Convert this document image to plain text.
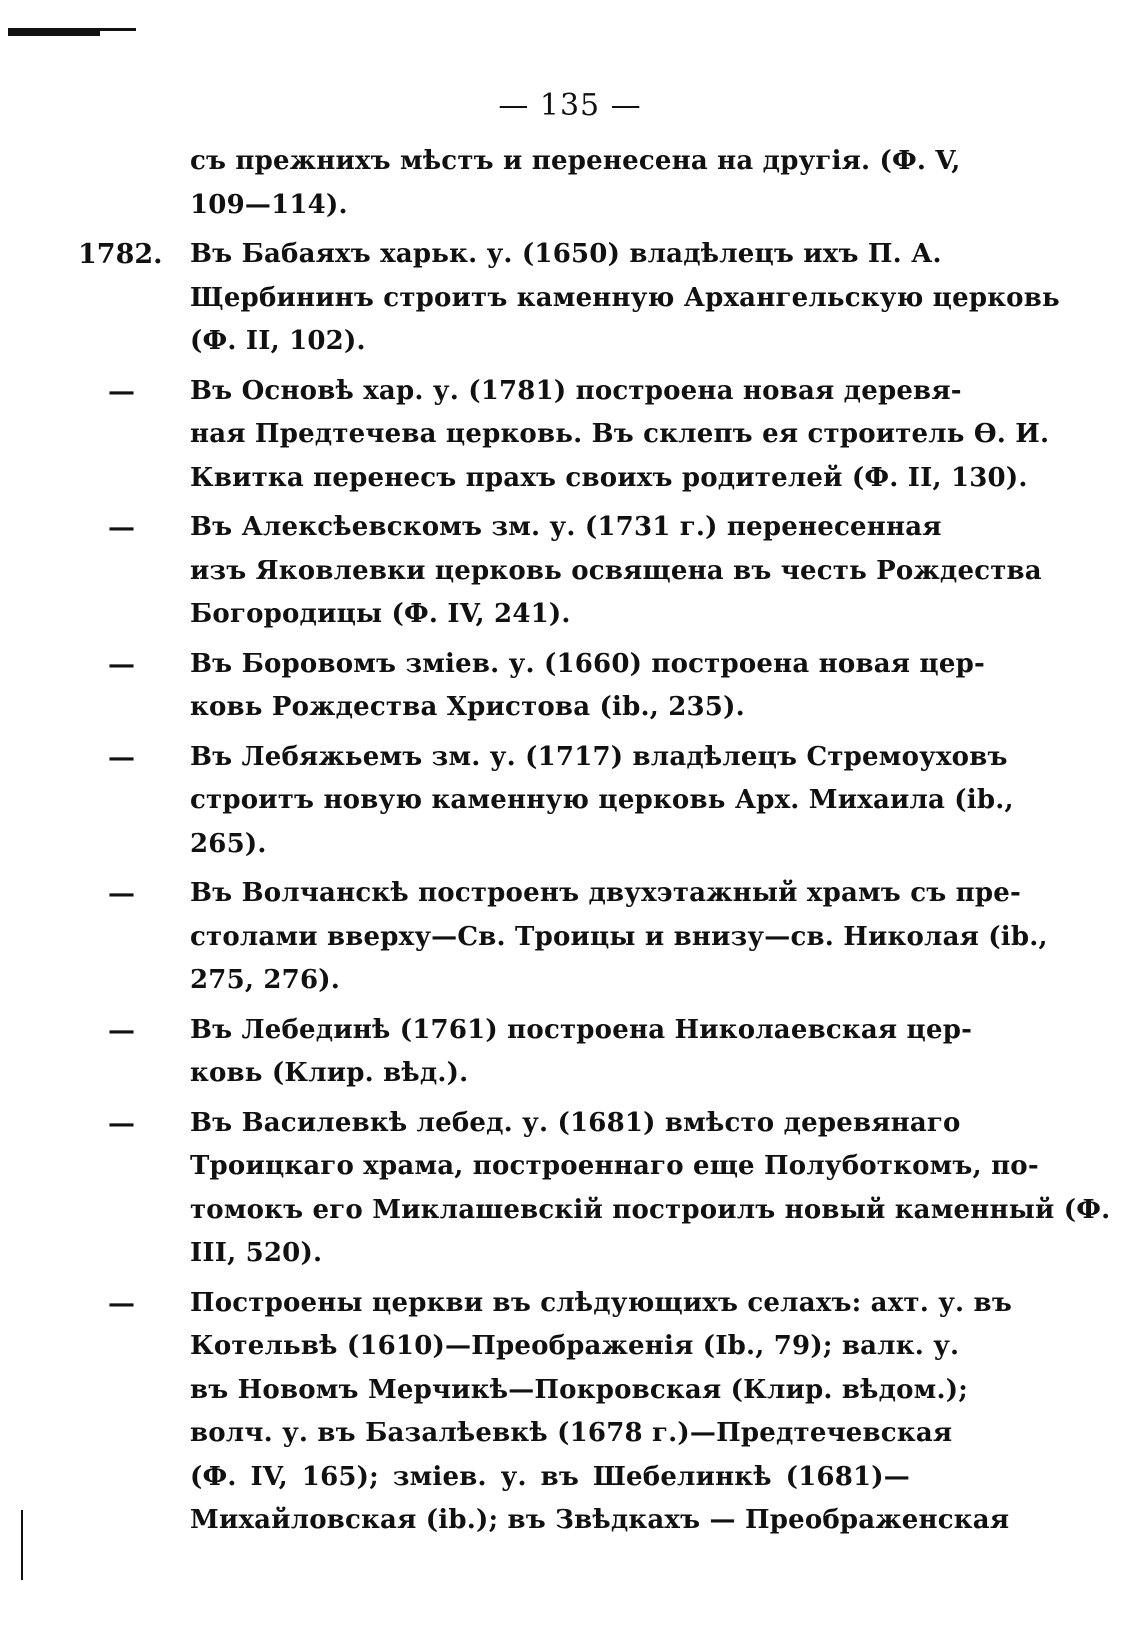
— 135 —
съ прежнихъ мѣстъ и перенесена на другія. (Ф. V,
109—114).
1782.	Въ Бабаяхъ харьк. у. (1650) владѣлецъ ихъ П. А.
Щербининъ строитъ каменную Архангельскую церковь
(Ф. II, 102).
—	Въ Основѣ хар. у. (1781) построена новая деревя-
ная Предтечева церковь. Въ склепъ ея строитель Ө. И.
Квитка перенесъ прахъ своихъ родителей (Ф. II, 130).
—	Въ Алексѣевскомъ зм. у. (1731 г.) перенесенная
изъ Яковлевки церковь освящена въ честь Рождества
Богородицы (Ф. IV, 241).
—	Въ Боровомъ зміев. у. (1660) построена новая цер-
ковь Рождества Христова (ib., 235).
—	Въ Лебяжьемъ зм. у. (1717) владѣлецъ Стремоуховъ
строитъ новую каменную церковь Арх. Михаила (ib.,
265).
—	Въ Волчанскѣ построенъ двухэтажный храмъ съ пре-
столами вверху—Св. Троицы и внизу—св. Николая (ib.,
275, 276).
—	Въ Лебединѣ (1761) построена Николаевская цер-
ковь (Клир. вѣд.).
—	Въ Василевкѣ лебед. у. (1681) вмѣсто деревянаго
Троицкаго храма, построеннаго еще Полуботкомъ, по-
томокъ его Миклашевскій построилъ новый каменный (Ф.
III, 520).
—	Построены церкви въ слѣдующихъ селахъ: ахт. у. въ
Котельвѣ (1610)—Преображенія (Ib., 79); валк. у.
въ Новомъ Мерчикѣ—Покровская (Клир. вѣдом.);
волч. у. въ Базалѣевкѣ (1678 г.)—Предтечевская
(Ф. IV, 165); зміев. у. въ Шебелинкѣ (1681)—
Михайловская (ib.); въ Звѣдкахъ — Преображенская
